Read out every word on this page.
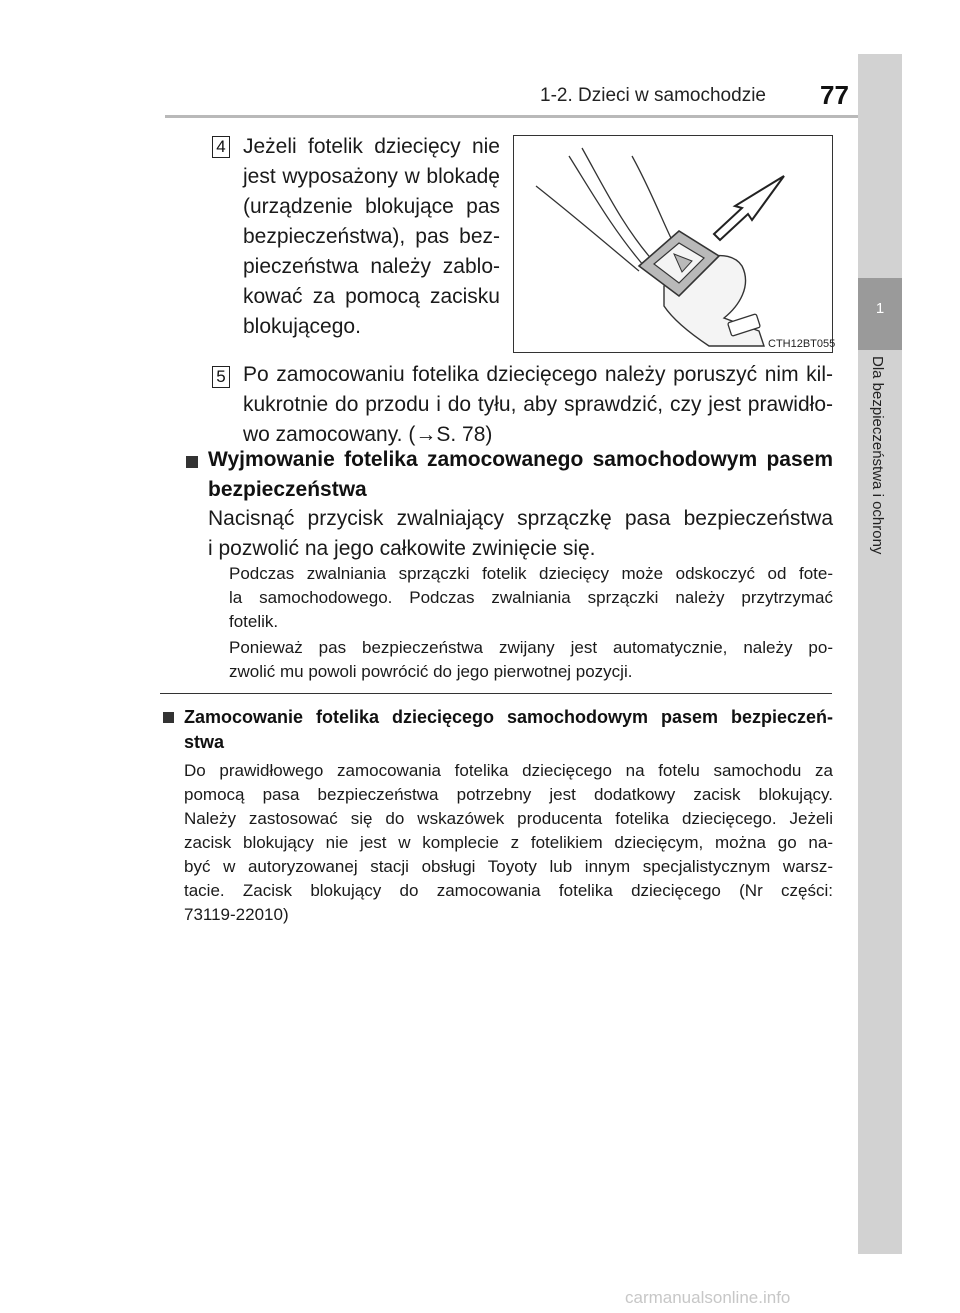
1-2. Dzieci w samochodzie 77
1
Dla bezpieczeństwa i ochrony
4 Jeżeli fotelik dziecięcy nie
jest wyposażony w blokadę
(urządzenie blokujące pas
bezpieczeństwa), pas bez-
pieczeństwa należy zablo-
kować za pomocą zacisku
blokującego.
CTH12BT055
5 Po zamocowaniu fotelika dziecięcego należy poruszyć nim kil-
kukrotnie do przodu i do tyłu, aby sprawdzić, czy jest prawidło-
wo zamocowany. (→S. 78)
Wyjmowanie fotelika zamocowanego samochodowym pasem
bezpieczeństwa
Nacisnąć przycisk zwalniający sprzączkę pasa bezpieczeństwa
i pozwolić na jego całkowite zwinięcie się.
Podczas zwalniania sprzączki fotelik dziecięcy może odskoczyć od fote-
la samochodowego. Podczas zwalniania sprzączki należy przytrzymać
fotelik.
Ponieważ pas bezpieczeństwa zwijany jest automatycznie, należy po-
zwolić mu powoli powrócić do jego pierwotnej pozycji.
Zamocowanie fotelika dziecięcego samochodowym pasem bezpieczeń-
stwa
Do prawidłowego zamocowania fotelika dziecięcego na fotelu samochodu za
pomocą pasa bezpieczeństwa potrzebny jest dodatkowy zacisk blokujący.
Należy zastosować się do wskazówek producenta fotelika dziecięcego. Jeżeli
zacisk blokujący nie jest w komplecie z fotelikiem dziecięcym, można go na-
być w autoryzowanej stacji obsługi Toyoty lub innym specjalistycznym warsz-
tacie. Zacisk blokujący do zamocowania fotelika dziecięcego (Nr części:
73119-22010)
carmanualsonline.info
